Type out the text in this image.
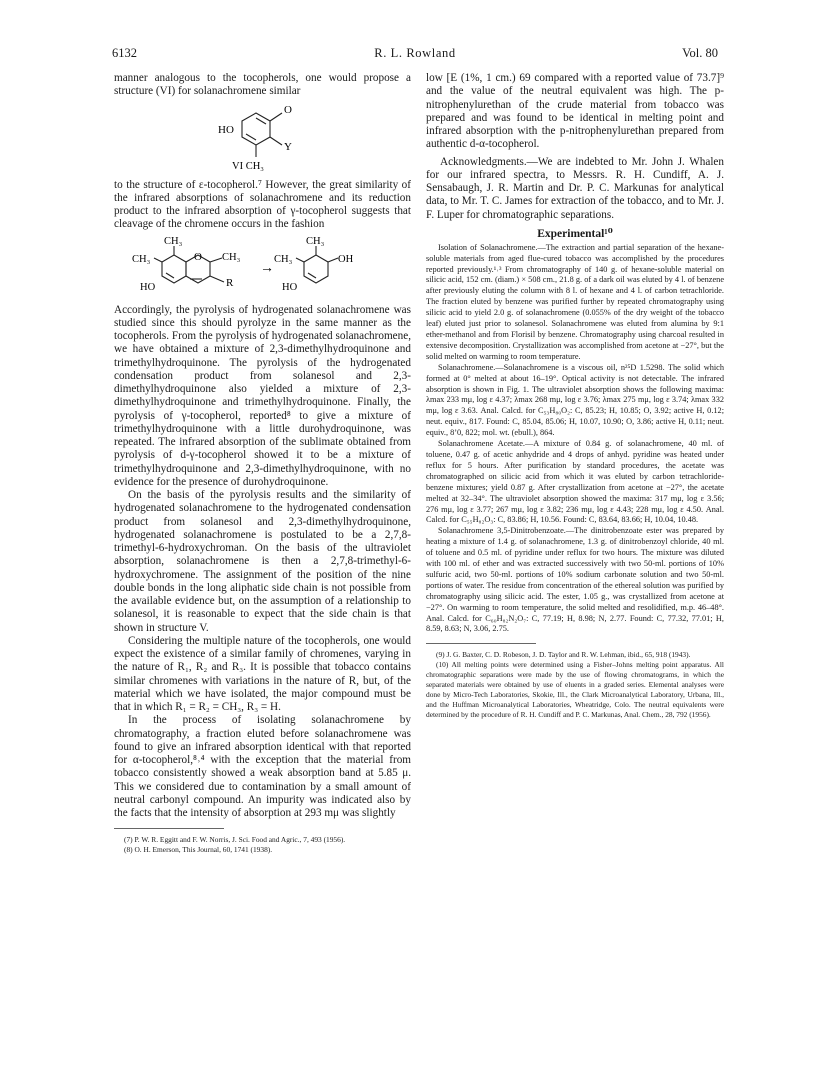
6132	R. L. Rowland	Vol. 80

manner analogous to the tocopherols, one would propose a structure (VI) for solanachromene similar

O
HO
Y
VI CH₃

to the structure of ε-tocopherol.⁷ However, the great similarity of the infrared absorptions of solanachromene and its reduction product to the infrared absorption of γ-tocopherol suggests that cleavage of the chromene occurs in the fashion

CH₃
CH₃	O CH₃
R
HO
→
CH₃
CH₃	OH
HO

Accordingly, the pyrolysis of hydrogenated solanachromene was studied since this should pyrolyze in the same manner as the tocopherols. From the pyrolysis of hydrogenated solanachromene, we have obtained a mixture of 2,3-dimethylhydroquinone and trimethylhydroquinone. The pyrolysis of the hydrogenated condensation product from solanesol and 2,3-dimethylhydroquinone also yielded a mixture of 2,3-dimethylhydroquinone and trimethylhydroquinone. Finally, the pyrolysis of γ-tocopherol, reported⁸ to give a mixture of trimethylhydroquinone with a little durohydroquinone, was repeated. The infrared absorption of the sublimate obtained from pyrolysis of d-γ-tocopherol showed it to be a mixture of trimethylhydroquinone and 2,3-dimethylhydroquinone, with no evidence for the presence of durohydroquinone.

On the basis of the pyrolysis results and the similarity of hydrogenated solanachromene to the hydrogenated condensation product from solanesol and 2,3-dimethylhydroquinone, hydrogenated solanachromene is postulated to be a 2,7,8-trimethyl-6-hydroxychroman. On the basis of the ultraviolet absorption, solanachromene is then a 2,7,8-trimethyl-6-hydroxychromene. The assignment of the position of the nine double bonds in the long aliphatic side chain is not possible from the available evidence but, on the assumption of a relationship to solanesol, it is reasonable to expect that the side chain is that shown in structure V.

Considering the multiple nature of the tocopherols, one would expect the existence of a similar family of chromenes, varying in the nature of R₁, R₂ and R₃. It is possible that tobacco contains similar chromenes with variations in the nature of R, but, of the material which we have isolated, the major compound must be that in which R₁ = R₂ = CH₃, R₃ = H.

In the process of isolating solanachromene by chromatography, a fraction eluted before solanachromene was found to give an infrared absorption identical with that reported for α-tocopherol,⁸˒⁴ with the exception that the material from tobacco consistently showed a weak absorption band at 5.85 μ. This we considered due to contamination by a small amount of neutral carbonyl compound. An impurity was indicated also by the facts that the intensity of absorption at 293 mμ was slightly

(7) P. W. R. Eggitt and F. W. Norris, J. Sci. Food and Agric., 7, 493 (1956).

(8) O. H. Emerson, This Journal, 60, 1741 (1938).

low [E (1%, 1 cm.) 69 compared with a reported value of 73.7]⁹ and the value of the neutral equivalent was high. The p-nitrophenylurethan of the crude material from tobacco was prepared and was found to be identical in melting point and infrared absorption with the p-nitrophenylurethan prepared from authentic d-α-tocopherol.

Acknowledgments.—We are indebted to Mr. John J. Whalen for our infrared spectra, to Messrs. R. H. Cundiff, A. J. Sensabaugh, J. R. Martin and Dr. P. C. Markunas for analytical data, to Mr. T. C. James for extraction of the tobacco, and to Mr. J. F. Luper for chromatographic separations.

Experimental¹⁰

Isolation of Solanachromene.—The extraction and partial separation of the hexane-soluble materials from aged flue-cured tobacco was accomplished by the procedures reported previously.¹˒³ From chromatography of 140 g. of hexane-soluble material on silicic acid, 152 cm. (diam.) × 508 cm., 21.8 g. of a dark oil was eluted by 4 l. of benzene after previously eluting the column with 8 l. of hexane and 4 l. of carbon tetrachloride. The fraction eluted by benzene was purified further by repeated chromatography using silicic acid to yield 2.0 g. of solanachromene (0.055% of the dry weight of the tobacco leaf) eluted just prior to solanesol. Solanachromene was eluted from alumina by 9:1 ether-methanol and from Florisil by benzene. Chromatography using charcoal resulted in extensive decomposition. Crystallization was accomplished from acetone at −27°, but the solid melted on warming to room temperature.

Solanachromene.—Solanachromene is a viscous oil, n²⁵D 1.5298. The solid which formed at 0° melted at about 16–19°. Optical activity is not detectable. The infrared absorption is shown in Fig. 1. The ultraviolet absorption shows the following maxima: λmax 233 mμ, log ε 4.37; λmax 268 mμ, log ε 3.76; λmax 275 mμ, log ε 3.74; λmax 332 mμ, log ε 3.63. Anal. Calcd. for C₅₃H₈₀O₂: C, 85.23; H, 10.85; O, 3.92; active H, 0.12; neut. equiv., 817. Found: C, 85.04, 85.06; H, 10.07, 10.90; O, 3.86; active H, 0.11; neut. equiv., 8’0, 822; mol. wt. (ebull.), 864.

Solanachromene Acetate.—A mixture of 0.84 g. of solanachromene, 40 ml. of toluene, 0.47 g. of acetic anhydride and 4 drops of anhyd. pyridine was heated under reflux for 5 hours. After purification by standard procedures, the acetate was chromatographed on silicic acid from which it was eluted by carbon tetrachloride-benzene mixtures; yield 0.87 g. After crystallization from acetone at −27°, the acetate melted at 32–34°. The ultraviolet absorption showed the maxima: 317 mμ, log ε 3.56; 276 mμ, log ε 3.77; 267 mμ, log ε 3.82; 236 mμ, log ε 4.43; 228 mμ, log ε 4.50. Anal. Calcd. for C₅₅H₈₂O₃: C, 83.86; H, 10.56. Found: C, 83.64, 83.66; H, 10.04, 10.48.

Solanachromene 3,5-Dinitrobenzoate.—The dinitrobenzoate ester was prepared by heating a mixture of 1.4 g. of solanachromene, 1.3 g. of dinitrobenzoyl chloride, 40 ml. of toluene and 0.5 ml. of pyridine under reflux for two hours. The mixture was diluted with 100 ml. of ether and was extracted successively with two 50-ml. portions of 10% sulfuric acid, two 50-ml. portions of 10% sodium carbonate solution and two 50-ml. portions of water. The residue from concentration of the ethereal solution was purified by chromatography using silicic acid. The ester, 1.05 g., was crystallized from acetone at −27°. On warming to room temperature, the solid melted and resolidified, m.p. 46–48°. Anal. Calcd. for C₆₀H₈₂N₂O₇: C, 77.19; H, 8.98; N, 2.77. Found: C, 77.32, 77.01; H, 8.59, 8.63; N, 3.06, 2.75.

(9) J. G. Baxter, C. D. Robeson, J. D. Taylor and R. W. Lehman, ibid., 65, 918 (1943).

(10) All melting points were determined using a Fisher–Johns melting point apparatus. All chromatographic separations were made by the use of flowing chromatograms, in which the separated materials were obtained by use of eluents in a graded series. Elemental analyses were done by Micro-Tech Laboratories, Skokie, Ill., the Clark Microanalytical Laboratory, Urbana, Ill., and the Huffman Microanalytical Laboratories, Wheatridge, Colo. The neutral equivalents were determined by the procedure of R. H. Cundiff and P. C. Markunas, Anal. Chem., 28, 792 (1956).
